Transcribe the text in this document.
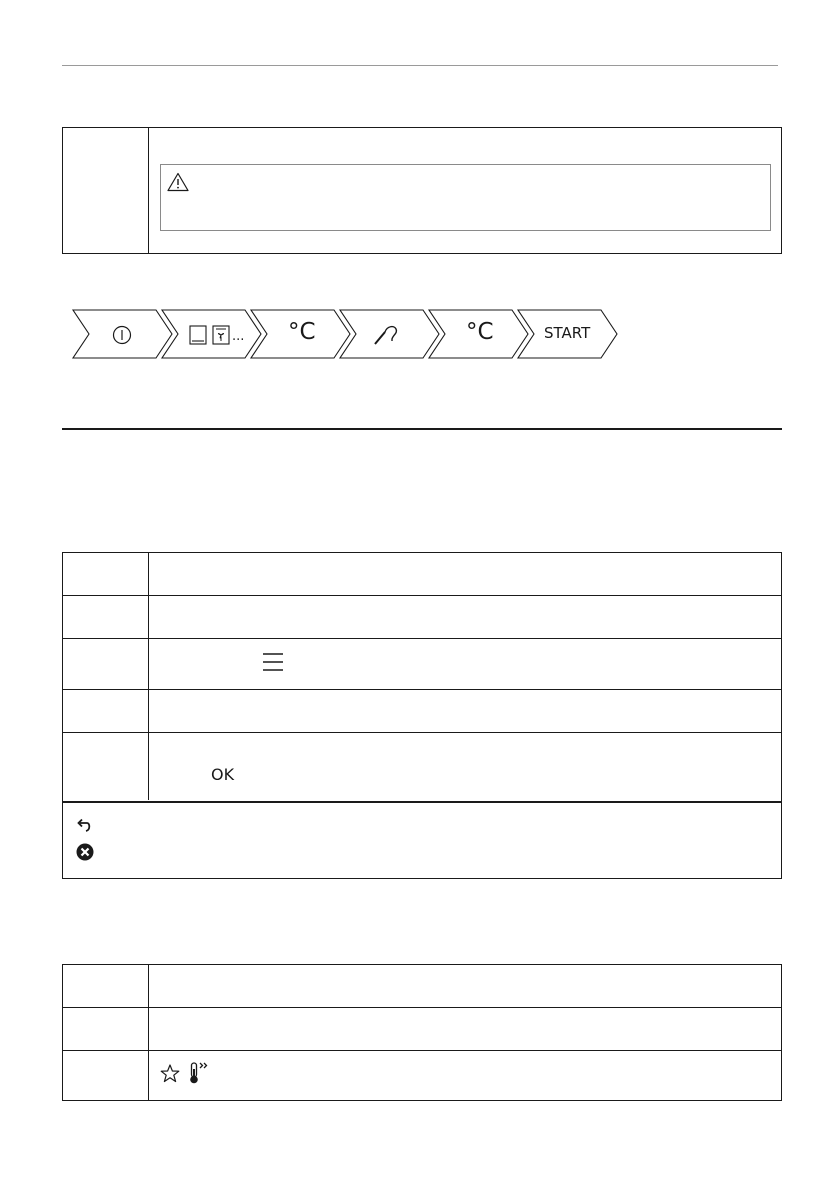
... °C	°C	START
OK
